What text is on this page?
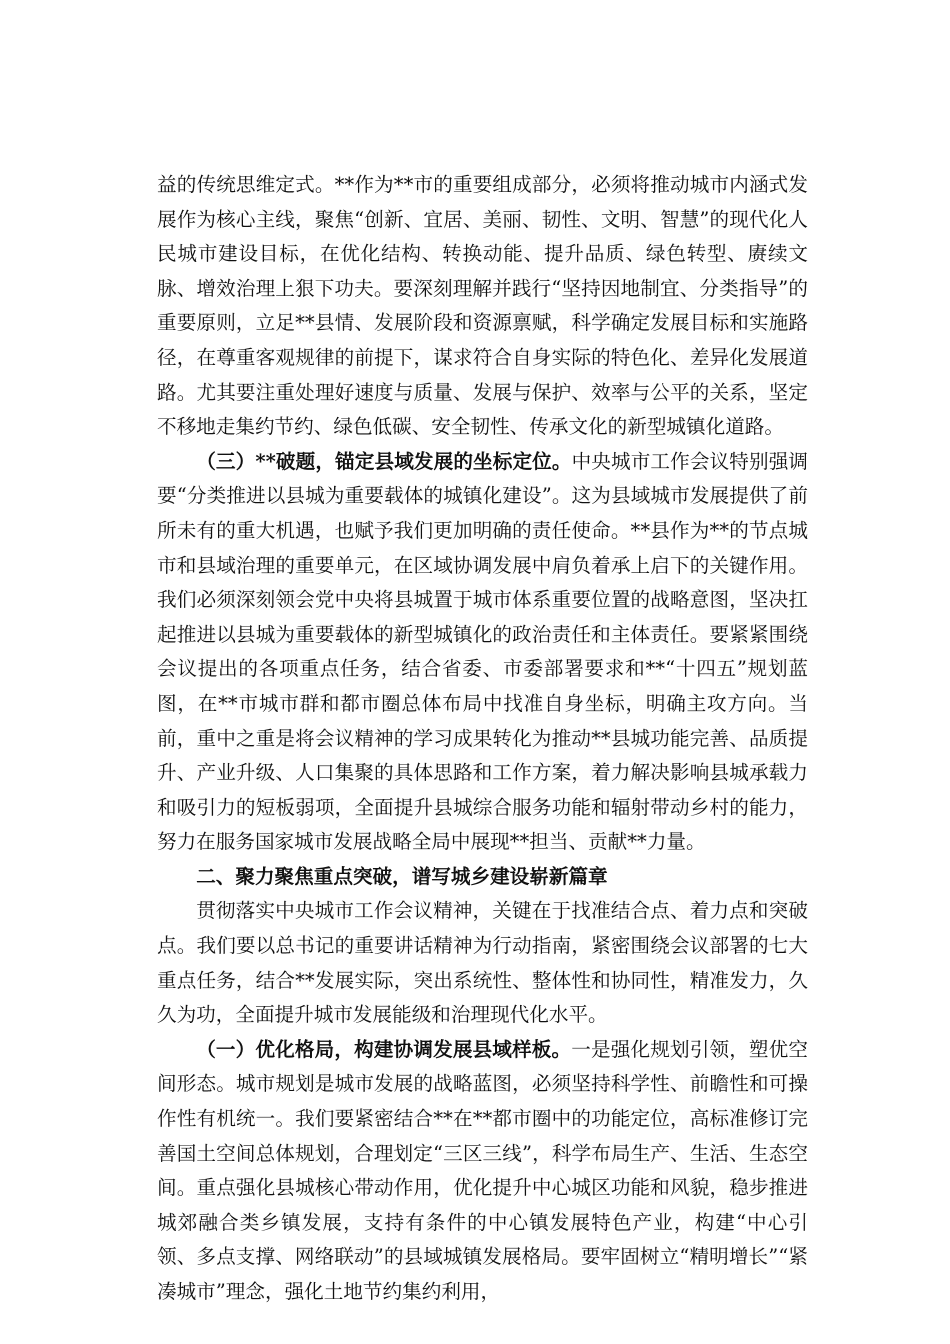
益的传统思维定式。**作为**市的重要组成部分，必须将推动城市内涵式发展作为核心主线，聚焦“创新、宜居、美丽、韧性、文明、智慧”的现代化人民城市建设目标，在优化结构、转换动能、提升品质、绿色转型、赓续文脉、增效治理上狠下功夫。要深刻理解并践行“坚持因地制宜、分类指导”的重要原则，立足**县情、发展阶段和资源禀赋，科学确定发展目标和实施路径，在尊重客观规律的前提下，谋求符合自身实际的特色化、差异化发展道路。尤其要注重处理好速度与质量、发展与保护、效率与公平的关系，坚定不移地走集约节约、绿色低碳、安全韧性、传承文化的新型城镇化道路。

（三）**破题，锚定县域发展的坐标定位。中央城市工作会议特别强调要“分类推进以县城为重要载体的城镇化建设”。这为县域城市发展提供了前所未有的重大机遇，也赋予我们更加明确的责任使命。**县作为**的节点城市和县域治理的重要单元，在区域协调发展中肩负着承上启下的关键作用。我们必须深刻领会党中央将县城置于城市体系重要位置的战略意图，坚决扛起推进以县城为重要载体的新型城镇化的政治责任和主体责任。要紧紧围绕会议提出的各项重点任务，结合省委、市委部署要求和**“十四五”规划蓝图，在**市城市群和都市圈总体布局中找准自身坐标，明确主攻方向。当前，重中之重是将会议精神的学习成果转化为推动**县城功能完善、品质提升、产业升级、人口集聚的具体思路和工作方案，着力解决影响县城承载力和吸引力的短板弱项，全面提升县城综合服务功能和辐射带动乡村的能力，努力在服务国家城市发展战略全局中展现**担当、贡献**力量。

二、聚力聚焦重点突破，谱写城乡建设崭新篇章

贯彻落实中央城市工作会议精神，关键在于找准结合点、着力点和突破点。我们要以总书记的重要讲话精神为行动指南，紧密围绕会议部署的七大重点任务，结合**发展实际，突出系统性、整体性和协同性，精准发力，久久为功，全面提升城市发展能级和治理现代化水平。

（一）优化格局，构建协调发展县域样板。一是强化规划引领，塑优空间形态。城市规划是城市发展的战略蓝图，必须坚持科学性、前瞻性和可操作性有机统一。我们要紧密结合**在**都市圈中的功能定位，高标准修订完善国土空间总体规划，合理划定“三区三线”，科学布局生产、生活、生态空间。重点强化县城核心带动作用，优化提升中心城区功能和风貌，稳步推进城郊融合类乡镇发展，支持有条件的中心镇发展特色产业，构建“中心引领、多点支撑、网络联动”的县域城镇发展格局。要牢固树立“精明增长”“紧凑城市”理念，强化土地节约集约利用，
